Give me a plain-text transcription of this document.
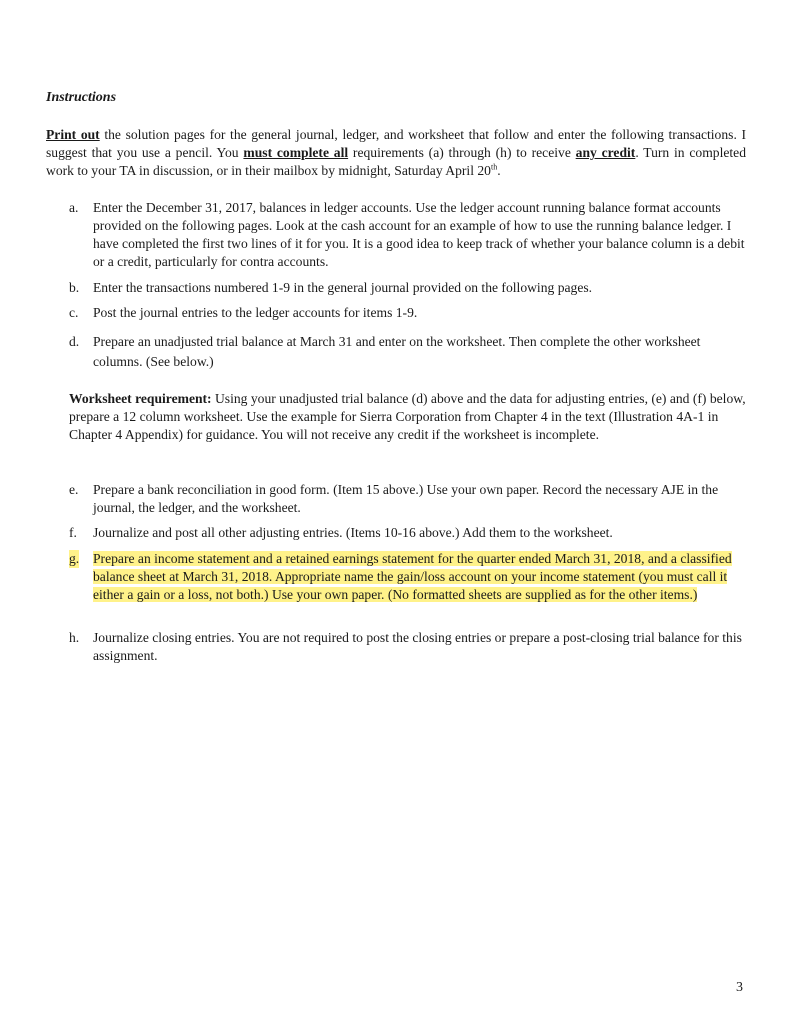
Instructions
Print out the solution pages for the general journal, ledger, and worksheet that follow and enter the following transactions. I suggest that you use a pencil. You must complete all requirements (a) through (h) to receive any credit. Turn in completed work to your TA in discussion, or in their mailbox by midnight, Saturday April 20th.
a. Enter the December 31, 2017, balances in ledger accounts. Use the ledger account running balance format accounts provided on the following pages. Look at the cash account for an example of how to use the running balance ledger. I have completed the first two lines of it for you. It is a good idea to keep track of whether your balance column is a debit or a credit, particularly for contra accounts.
b. Enter the transactions numbered 1-9 in the general journal provided on the following pages.
c. Post the journal entries to the ledger accounts for items 1-9.
d. Prepare an unadjusted trial balance at March 31 and enter on the worksheet. Then complete the other worksheet columns. (See below.)
Worksheet requirement: Using your unadjusted trial balance (d) above and the data for adjusting entries, (e) and (f) below, prepare a 12 column worksheet. Use the example for Sierra Corporation from Chapter 4 in the text (Illustration 4A-1 in Chapter 4 Appendix) for guidance. You will not receive any credit if the worksheet is incomplete.
e. Prepare a bank reconciliation in good form. (Item 15 above.) Use your own paper. Record the necessary AJE in the journal, the ledger, and the worksheet.
f. Journalize and post all other adjusting entries. (Items 10-16 above.) Add them to the worksheet.
g. Prepare an income statement and a retained earnings statement for the quarter ended March 31, 2018, and a classified balance sheet at March 31, 2018. Appropriate name the gain/loss account on your income statement (you must call it either a gain or a loss, not both.) Use your own paper. (No formatted sheets are supplied as for the other items.)
h. Journalize closing entries. You are not required to post the closing entries or prepare a post-closing trial balance for this assignment.
3
